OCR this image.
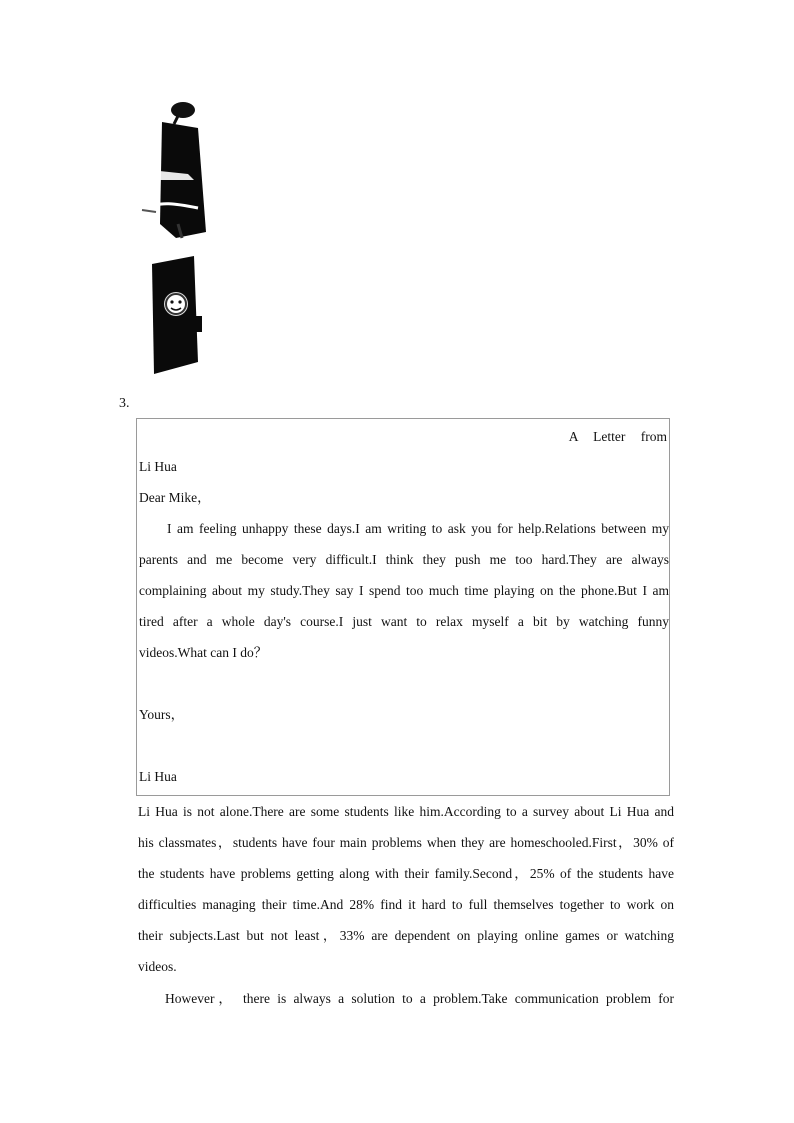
3.
A Letter from
Li Hua
Dear Mike，
I am feeling unhappy these days.I am writing to ask you for help.Relations between my
parents and me become very difficult.I think they push me too hard.They are always
complaining about my study.They say I spend too much time playing on the phone.But I am
tired after a whole day's course.I just want to relax myself a bit by watching funny
videos.What can I do？
Yours，
Li Hua
Li Hua is not alone.There are some students like him.According to a survey about Li Hua and
his classmates，students have four main problems when they are homeschooled.First，30% of
the students have problems getting along with their family.Second，25% of the students have
difficulties managing their time.And 28% find it hard to full themselves together to work on
their subjects.Last but not least，33% are dependent on playing online games or watching
videos.
However， there is always a solution to a problem.Take communication problem for
